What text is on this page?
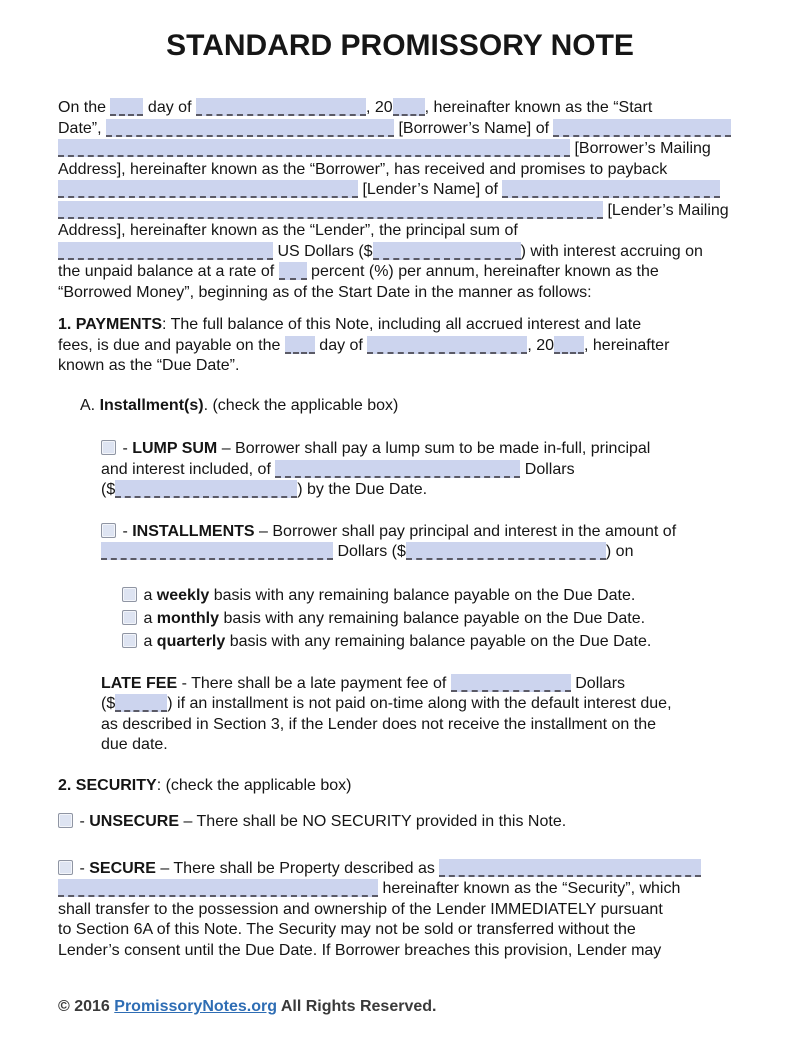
STANDARD PROMISSORY NOTE
On the  day of	, 20 , hereinafter known as the “Start
Date”,	[Borrower’s Name] of
[Borrower’s Mailing
Address], hereinafter known as the “Borrower”, has received and promises to payback
[Lender’s Name] of
[Lender’s Mailing
Address], hereinafter known as the “Lender”, the principal sum of
US Dollars ($	) with interest accruing on
the unpaid balance at a rate of  percent (%) per annum, hereinafter known as the
“Borrowed Money”, beginning as of the Start Date in the manner as follows:
1. PAYMENTS: The full balance of this Note, including all accrued interest and late
fees, is due and payable on the  day of	, 20 , hereinafter
known as the “Due Date”.
A. Installment(s). (check the applicable box)
- LUMP SUM – Borrower shall pay a lump sum to be made in-full, principal
and interest included, of	Dollars
($	) by the Due Date.
- INSTALLMENTS – Borrower shall pay principal and interest in the amount of
Dollars ($	) on
a weekly basis with any remaining balance payable on the Due Date.
a monthly basis with any remaining balance payable on the Due Date.
a quarterly basis with any remaining balance payable on the Due Date.
LATE FEE - There shall be a late payment fee of	Dollars
($	) if an installment is not paid on-time along with the default interest due,
as described in Section 3, if the Lender does not receive the installment on the
due date.
2. SECURITY: (check the applicable box)
- UNSECURE – There shall be NO SECURITY provided in this Note.
- SECURE – There shall be Property described as
hereinafter known as the “Security”, which
shall transfer to the possession and ownership of the Lender IMMEDIATELY pursuant
to Section 6A of this Note. The Security may not be sold or transferred without the
Lender’s consent until the Due Date. If Borrower breaches this provision, Lender may
© 2016 PromissoryNotes.org All Rights Reserved.
